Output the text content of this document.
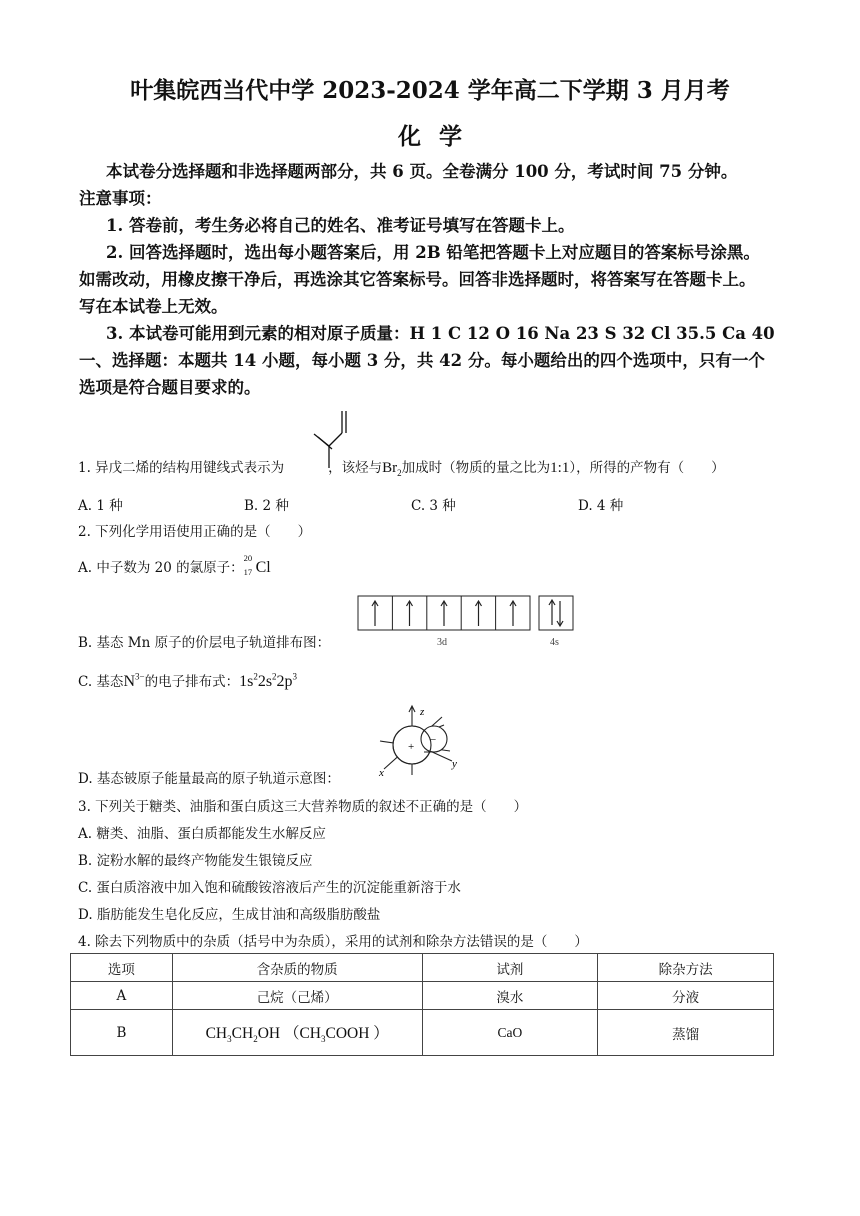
叶集皖西当代中学 2023-2024 学年高二下学期 3 月月考
化学
本试卷分选择题和非选择题两部分，共 6 页。全卷满分 100 分，考试时间 75 分钟。
注意事项：
1. 答卷前，考生务必将自己的姓名、准考证号填写在答题卡上。
2. 回答选择题时，选出每小题答案后，用 2B 铅笔把答题卡上对应题目的答案标号涂黑。
如需改动，用橡皮擦干净后，再选涂其它答案标号。回答非选择题时，将答案写在答题卡上。
写在本试卷上无效。
3. 本试卷可能用到元素的相对原子质量：H 1 C 12 O 16 Na 23 S 32 Cl 35.5 Ca 40
一、选择题：本题共 14 小题，每小题 3 分，共 42 分。每小题给出的四个选项中，只有一个
选项是符合题目要求的。
1. 异戊二烯的结构用键线式表示为	，该烃与$Br_2$加成时（物质的量之比为1:1），所得的产物有（　　）
A. 1 种	B. 2 种	C. 3 种	D. 4 种
2. 下列化学用语使用正确的是（　　）
A. 中子数为 20 的氯原子：
20
17 Cl
3d	4s
B. 基态 Mn 原子的价层电子轨道排布图：
C. 基态$N^{3-}$的电子排布式：$1s^22s^22p^3$
z
x
y
+
−
D. 基态铍原子能量最高的原子轨道示意图：
3. 下列关于糖类、油脂和蛋白质这三大营养物质的叙述不正确的是（　　）
A. 糖类、油脂、蛋白质都能发生水解反应
B. 淀粉水解的最终产物能发生银镜反应
C. 蛋白质溶液中加入饱和硫酸铵溶液后产生的沉淀能重新溶于水
D. 脂肪能发生皂化反应，生成甘油和高级脂肪酸盐
4. 除去下列物质中的杂质（括号中为杂质），采用的试剂和除杂方法错误的是（　　）
选项	含杂质的物质	试剂	除杂方法
A	己烷（己烯）	溴水	分液
B	$CH_3CH_2OH$ （$CH_3COOH$ ）	CaO	蒸馏
